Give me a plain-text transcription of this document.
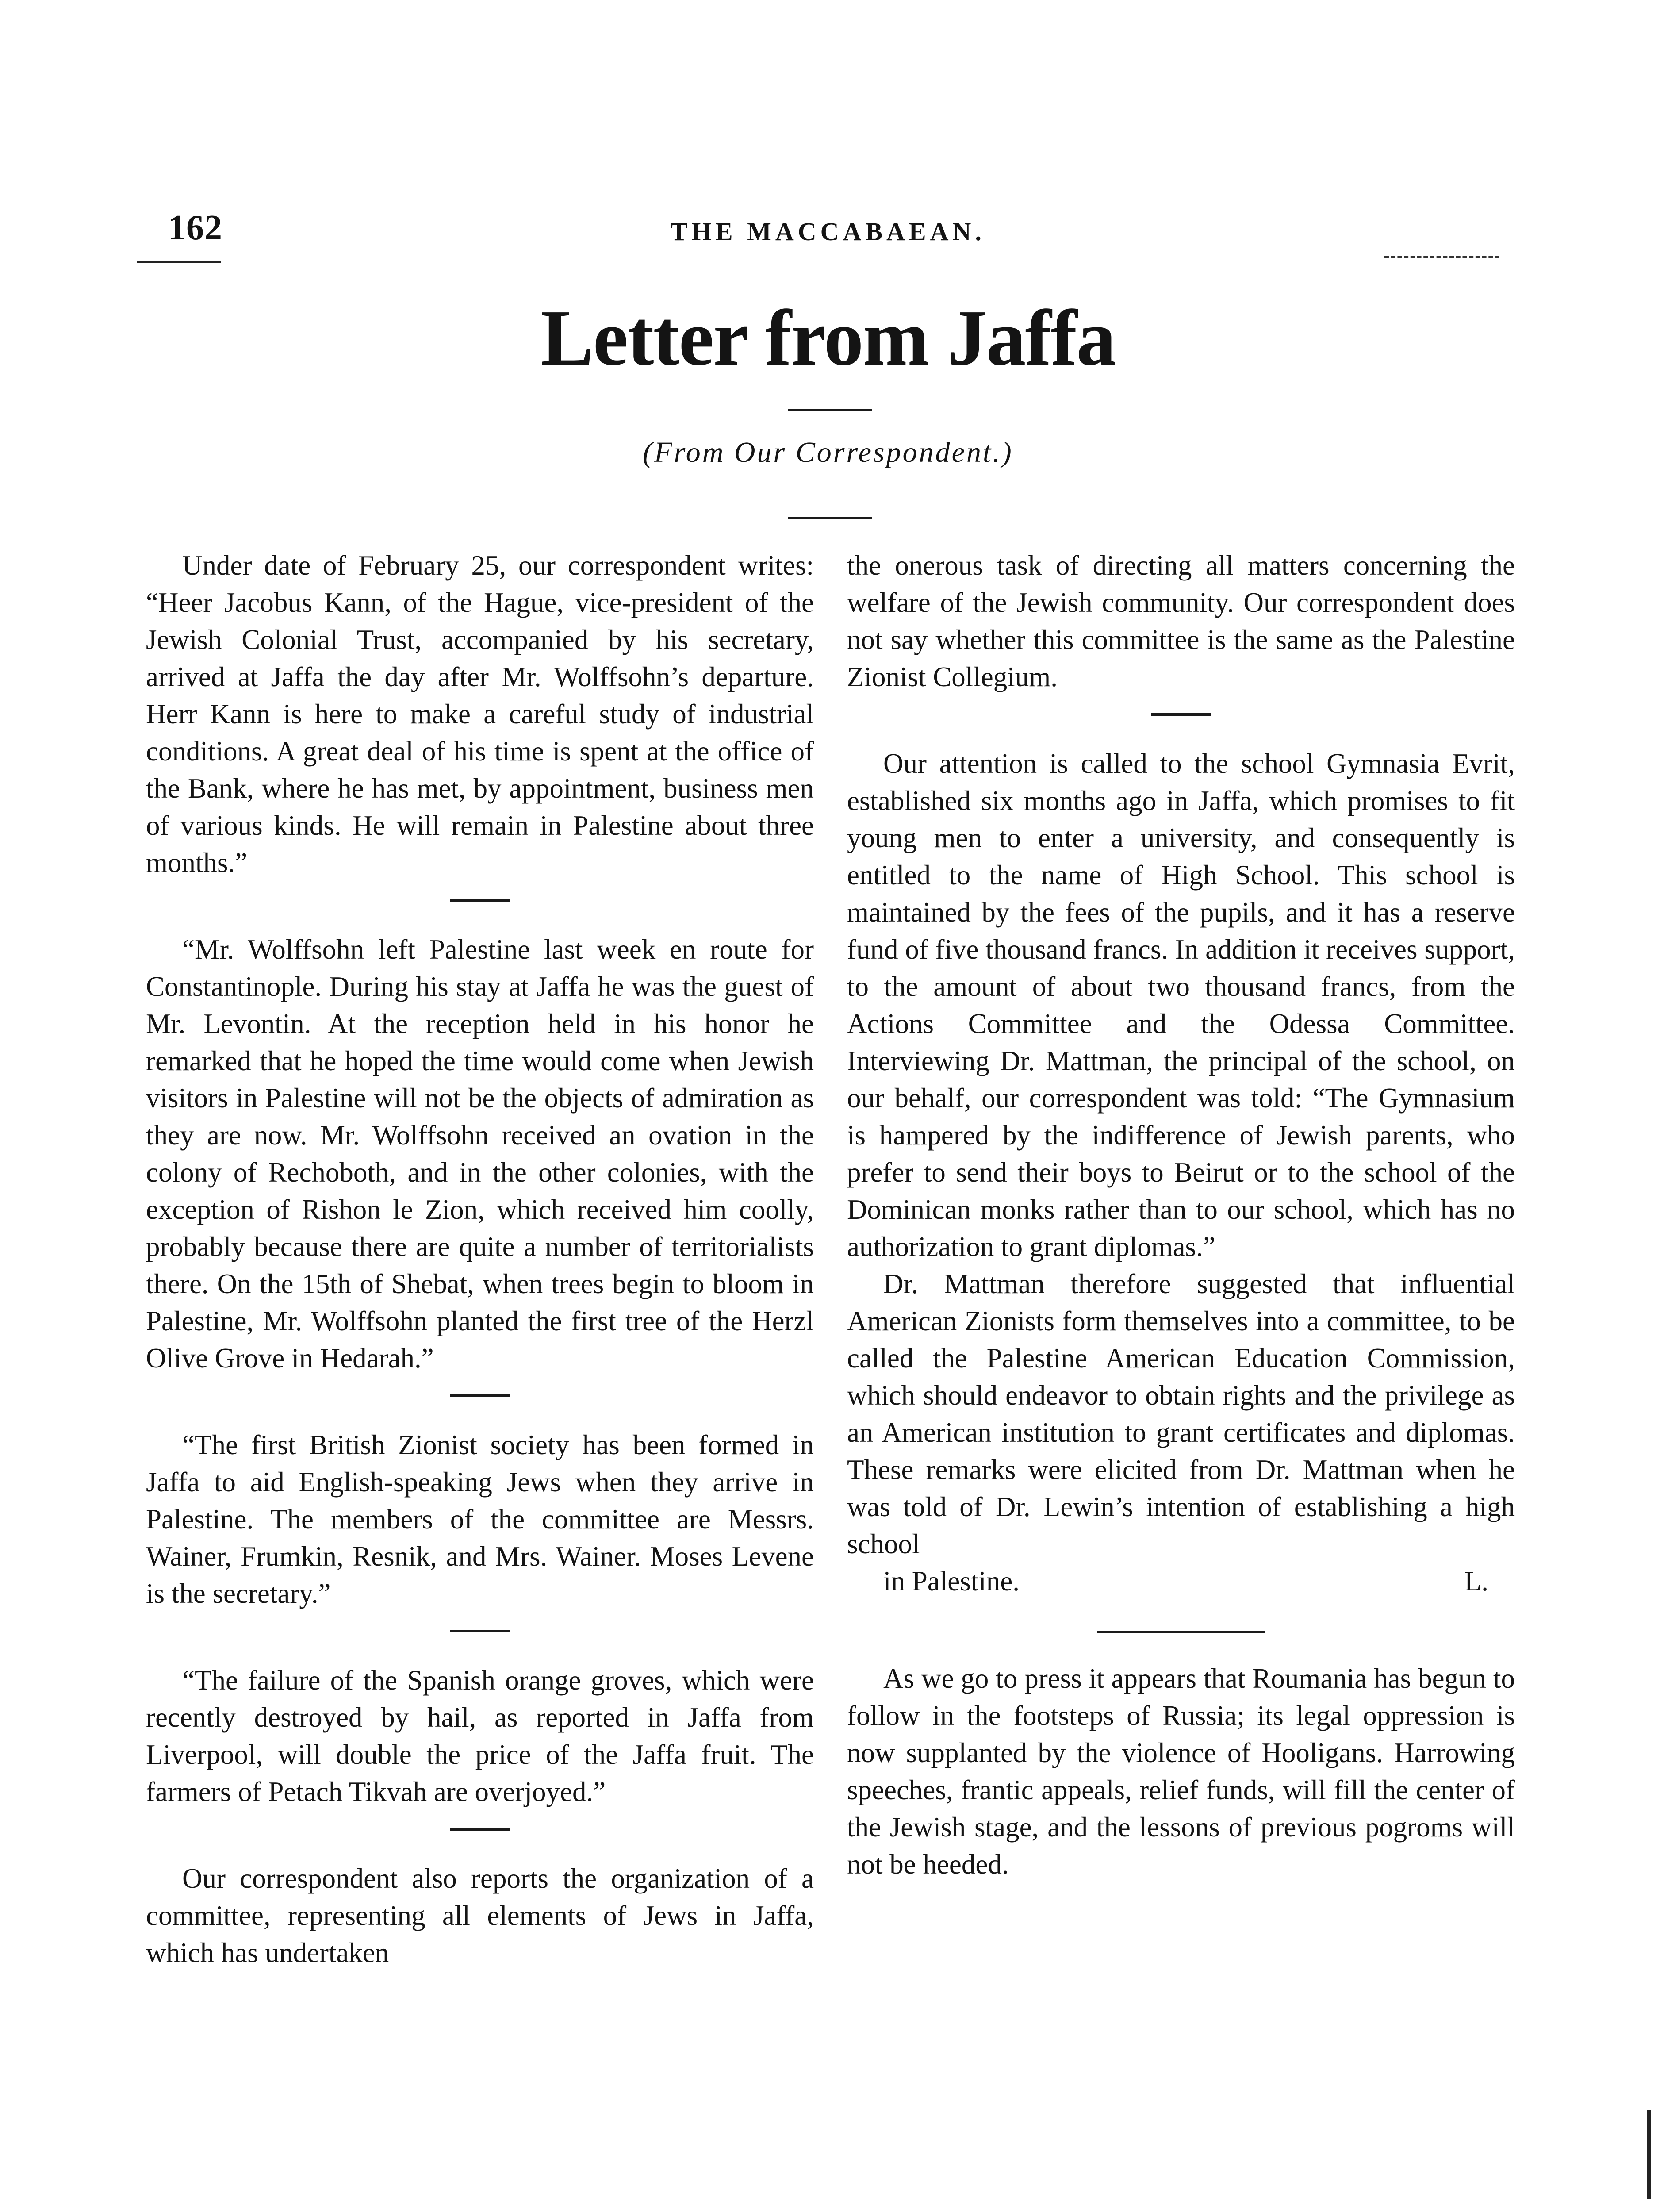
162	THE MACCABAEAN.
Letter from Jaffa
(From Our Correspondent.)

Under date of February 25, our correspondent writes: “Heer Jacobus Kann, of the Hague, vice-president of the Jewish Colonial Trust, accompanied by his secretary, arrived at Jaffa the day after Mr. Wolffsohn’s departure. Herr Kann is here to make a careful study of industrial conditions. A great deal of his time is spent at the office of the Bank, where he has met, by appointment, business men of various kinds. He will remain in Palestine about three months.”

“Mr. Wolffsohn left Palestine last week en route for Constantinople. During his stay at Jaffa he was the guest of Mr. Levontin. At the reception held in his honor he remarked that he hoped the time would come when Jewish visitors in Palestine will not be the objects of admiration as they are now. Mr. Wolffsohn received an ovation in the colony of Rechoboth, and in the other colonies, with the exception of Rishon le Zion, which received him coolly, probably because there are quite a number of territorialists there. On the 15th of Shebat, when trees begin to bloom in Palestine, Mr. Wolffsohn planted the first tree of the Herzl Olive Grove in Hedarah.”

“The first British Zionist society has been formed in Jaffa to aid English-speaking Jews when they arrive in Palestine. The members of the committee are Messrs. Wainer, Frumkin, Resnik, and Mrs. Wainer. Moses Levene is the secretary.”

“The failure of the Spanish orange groves, which were recently destroyed by hail, as reported in Jaffa from Liverpool, will double the price of the Jaffa fruit. The farmers of Petach Tikvah are overjoyed.”

Our correspondent also reports the organization of a committee, representing all elements of Jews in Jaffa, which has undertaken

the onerous task of directing all matters concerning the welfare of the Jewish community. Our correspondent does not say whether this committee is the same as the Palestine Zionist Collegium.

Our attention is called to the school Gymnasia Evrit, established six months ago in Jaffa, which promises to fit young men to enter a university, and consequently is entitled to the name of High School. This school is maintained by the fees of the pupils, and it has a reserve fund of five thousand francs. In addition it receives support, to the amount of about two thousand francs, from the Actions Committee and the Odessa Committee. Interviewing Dr. Mattman, the principal of the school, on our behalf, our correspondent was told: “The Gymnasium is hampered by the indifference of Jewish parents, who prefer to send their boys to Beirut or to the school of the Dominican monks rather than to our school, which has no authorization to grant diplomas.”

Dr. Mattman therefore suggested that influential American Zionists form themselves into a committee, to be called the Palestine American Education Commission, which should endeavor to obtain rights and the privilege as an American institution to grant certificates and diplomas. These remarks were elicited from Dr. Mattman when he was told of Dr. Lewin’s intention of establishing a high school

in Palestine.	L.

As we go to press it appears that Roumania has begun to follow in the footsteps of Russia; its legal oppression is now supplanted by the violence of Hooligans. Harrowing speeches, frantic appeals, relief funds, will fill the center of the Jewish stage, and the lessons of previous pogroms will not be heeded.
